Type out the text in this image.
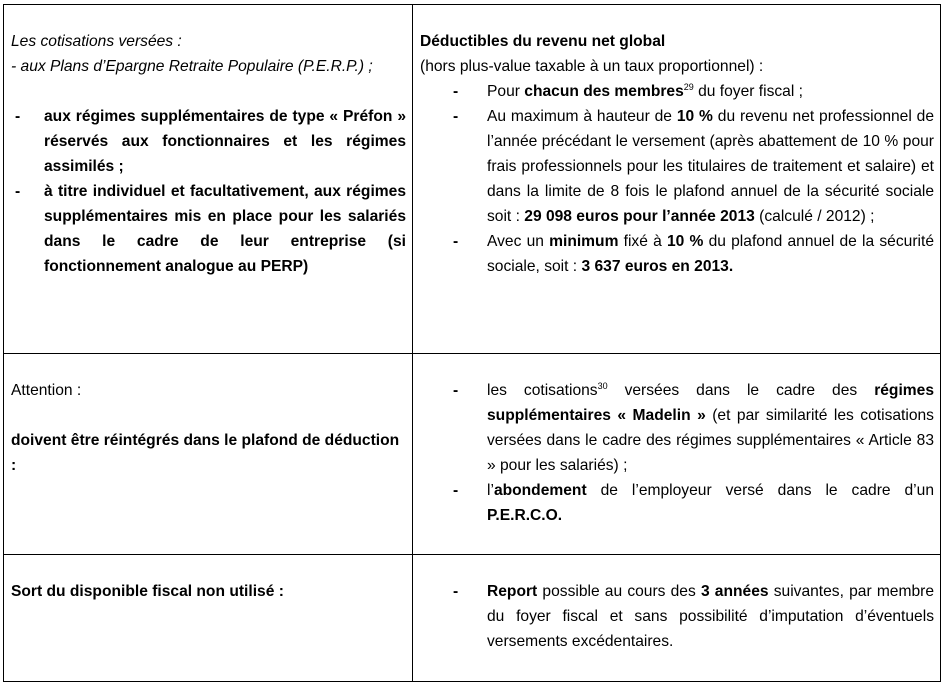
Les cotisations versées :

- aux Plans d’Epargne Retraite Populaire (P.E.R.P.) ;

- aux régimes supplémentaires de type « Préfon » réservés aux fonctionnaires et les régimes assimilés ;

- à titre individuel et facultativement, aux régimes supplémentaires mis en place pour les salariés dans le cadre de leur entreprise (si fonctionnement analogue au PERP)

Déductibles du revenu net global

(hors plus-value taxable à un taux proportionnel) :

- Pour chacun des membres$^{29}$ du foyer fiscal ;

- Au maximum à hauteur de 10 % du revenu net professionnel de l’année précédant le versement (après abattement de 10 % pour frais professionnels pour les titulaires de traitement et salaire) et dans la limite de 8 fois le plafond annuel de la sécurité sociale soit : 29 098 euros pour l’année 2013 (calculé / 2012) ;

- Avec un minimum fixé à 10 % du plafond annuel de la sécurité sociale, soit : 3 637 euros en 2013.

Attention :

doivent être réintégrés dans le plafond de déduction :

- les cotisations$^{30}$ versées dans le cadre des régimes supplémentaires « Madelin » (et par similarité les cotisations versées dans le cadre des régimes supplémentaires « Article 83 » pour les salariés) ;

- l’abondement de l’employeur versé dans le cadre d’un P.E.R.C.O.

Sort du disponible fiscal non utilisé :	- Report possible au cours des 3 années suivantes, par membre du foyer fiscal et sans possibilité d’imputation d’éventuels versements excédentaires.
